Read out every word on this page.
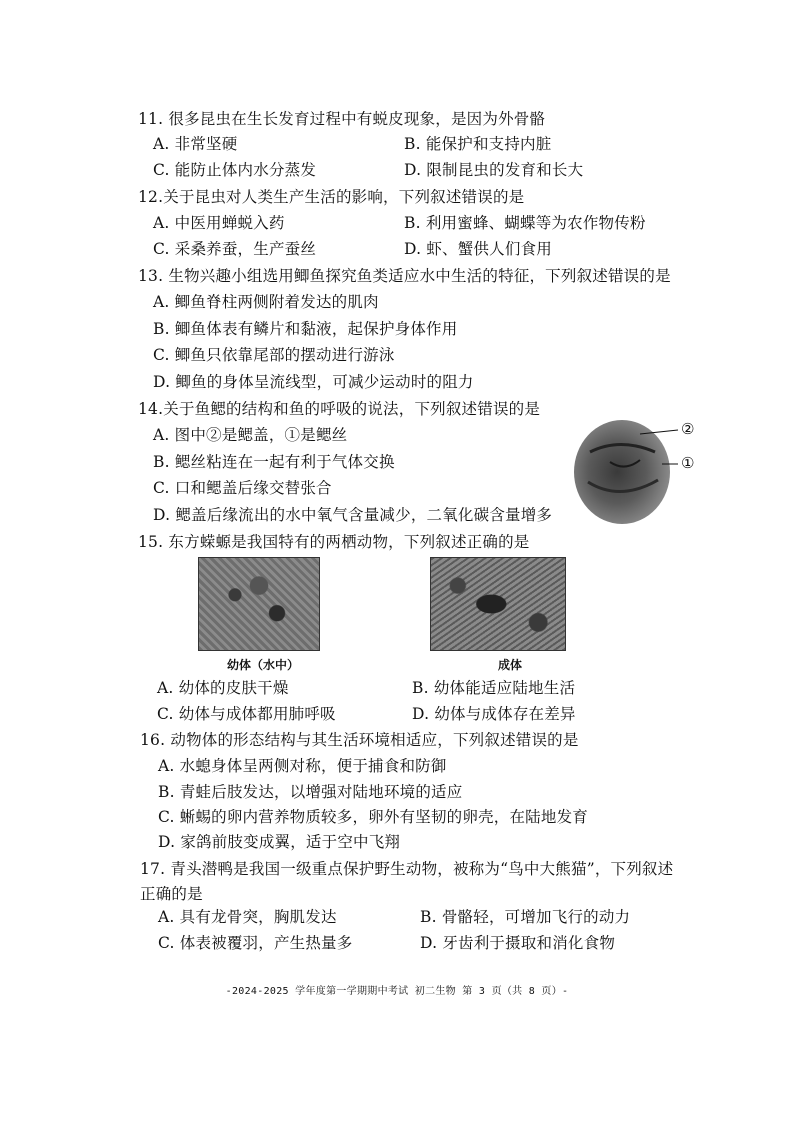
11. 很多昆虫在生长发育过程中有蜕皮现象，是因为外骨骼
A. 非常坚硬	B. 能保护和支持内脏
C. 能防止体内水分蒸发	D. 限制昆虫的发育和长大
12.关于昆虫对人类生产生活的影响，下列叙述错误的是
A. 中医用蝉蜕入药	B. 利用蜜蜂、蝴蝶等为农作物传粉
C. 采桑养蚕，生产蚕丝	D. 虾、蟹供人们食用
13. 生物兴趣小组选用鲫鱼探究鱼类适应水中生活的特征，下列叙述错误的是
A. 鲫鱼脊柱两侧附着发达的肌肉
B. 鲫鱼体表有鳞片和黏液，起保护身体作用
C. 鲫鱼只依靠尾部的摆动进行游泳
D. 鲫鱼的身体呈流线型，可减少运动时的阻力
14.关于鱼鳃的结构和鱼的呼吸的说法，下列叙述错误的是
A. 图中②是鳃盖，①是鳃丝
B. 鳃丝粘连在一起有利于气体交换
C. 口和鳃盖后缘交替张合
D. 鳃盖后缘流出的水中氧气含量减少，二氧化碳含量增多
②
①
15. 东方蝾螈是我国特有的两栖动物，下列叙述正确的是
幼体（水中）	成体
A. 幼体的皮肤干燥	B. 幼体能适应陆地生活
C. 幼体与成体都用肺呼吸	D. 幼体与成体存在差异
16. 动物体的形态结构与其生活环境相适应，下列叙述错误的是
A. 水螅身体呈两侧对称，便于捕食和防御
B. 青蛙后肢发达，以增强对陆地环境的适应
C. 蜥蜴的卵内营养物质较多，卵外有坚韧的卵壳，在陆地发育
D. 家鸽前肢变成翼，适于空中飞翔
17. 青头潜鸭是我国一级重点保护野生动物，被称为“鸟中大熊猫”，下列叙述
正确的是
A. 具有龙骨突，胸肌发达	B. 骨骼轻，可增加飞行的动力
C. 体表被覆羽，产生热量多	D. 牙齿利于摄取和消化食物
-2024-2025 学年度第一学期期中考试 初二生物 第 3 页（共 8 页）-
